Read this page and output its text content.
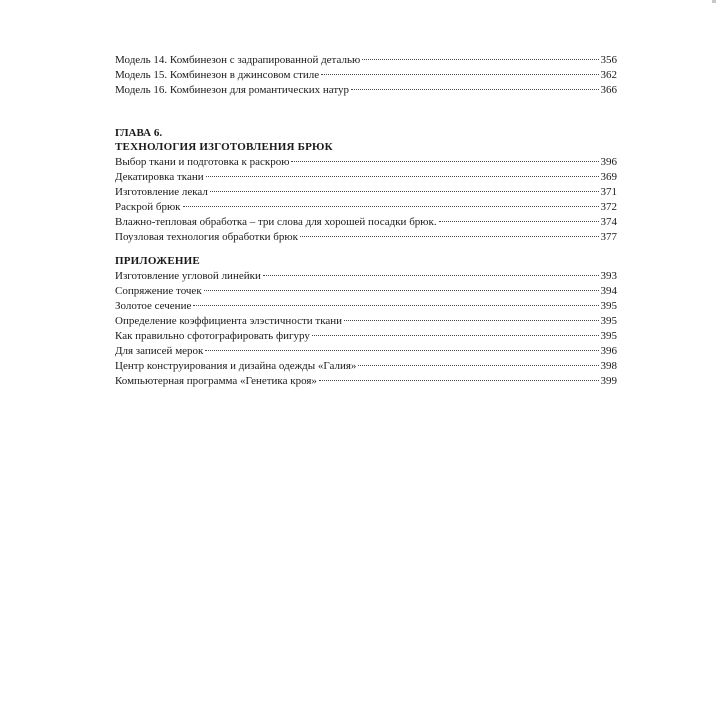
Модель 14. Комбинезон с задрапированной деталью	356
Модель 15. Комбинезон в джинсовом стиле	362
Модель 16. Комбинезон для романтических натур	366
ГЛАВА 6.
ТЕХНОЛОГИЯ ИЗГОТОВЛЕНИЯ БРЮК
Выбор ткани и подготовка к раскрою	396
Декатировка ткани	369
Изготовление лекал	371
Раскрой брюк	372
Влажно-тепловая обработка – три слова для хорошей посадки брюк.	374
Поузловая технология обработки брюк	377
ПРИЛОЖЕНИЕ
Изготовление угловой линейки	393
Сопряжение точек	394
Золотое сечение	395
Определение коэффициента элэстичности ткани	395
Как правильно сфотографировать фигуру	395
Для записей мерок	396
Центр конструирования и дизайна одежды «Галия»	398
Компьютерная программа «Генетика кроя»	399
